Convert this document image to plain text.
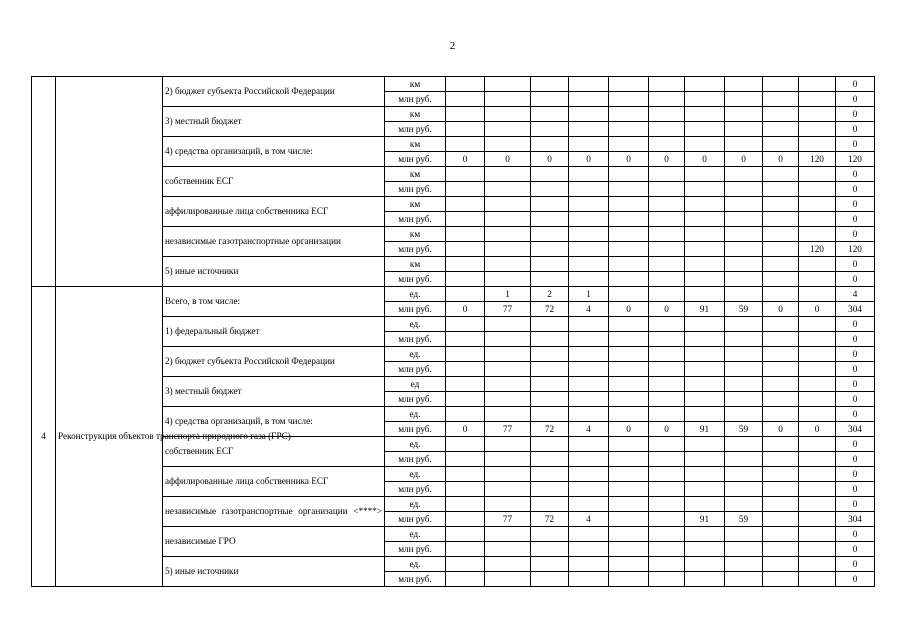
2
		2) бюджет субъекта Российской Федерации	км											0
			млн руб.											0
		3) местный бюджет	км											0
			млн руб.											0
		4) средства организаций, в том числе:	км											0
			млн руб.	0	0	0	0	0	0	0	0	0	120	120
		собственник ЕСГ	км											0
			млн руб.											0
		аффилированные лица собственника ЕСГ	км											0
			млн руб.											0
		независимые газотранспортные организации	км											0
			млн руб.										120	120
		5) иные источники	км											0
			млн руб.											0
4	Реконструкция объектов транспорта природного газа (ГРС)	Всего, в том числе:	ед.		1	2	1							4
			млн руб.	0	77	72	4	0	0	91	59	0	0	304
		1) федеральный бюджет	ед.											0
			млн руб.											0
		2) бюджет субъекта Российской Федерации	ед.											0
			млн руб.											0
		3) местный бюджет	ед											0
			млн руб.											0
		4) средства организаций, в том числе:	ед.											0
			млн руб.	0	77	72	4	0	0	91	59	0	0	304
		собственник ЕСГ	ед.											0
			млн руб.											0
		аффилированные лица собственника ЕСГ	ед.											0
			млн руб.											0
		независимые газотранспортные организации <****>	ед.											0
			млн руб.		77	72	4			91	59			304
		независимые ГРО	ед.											0
			млн руб.											0
		5) иные источники	ед.											0
			млн руб.											0
